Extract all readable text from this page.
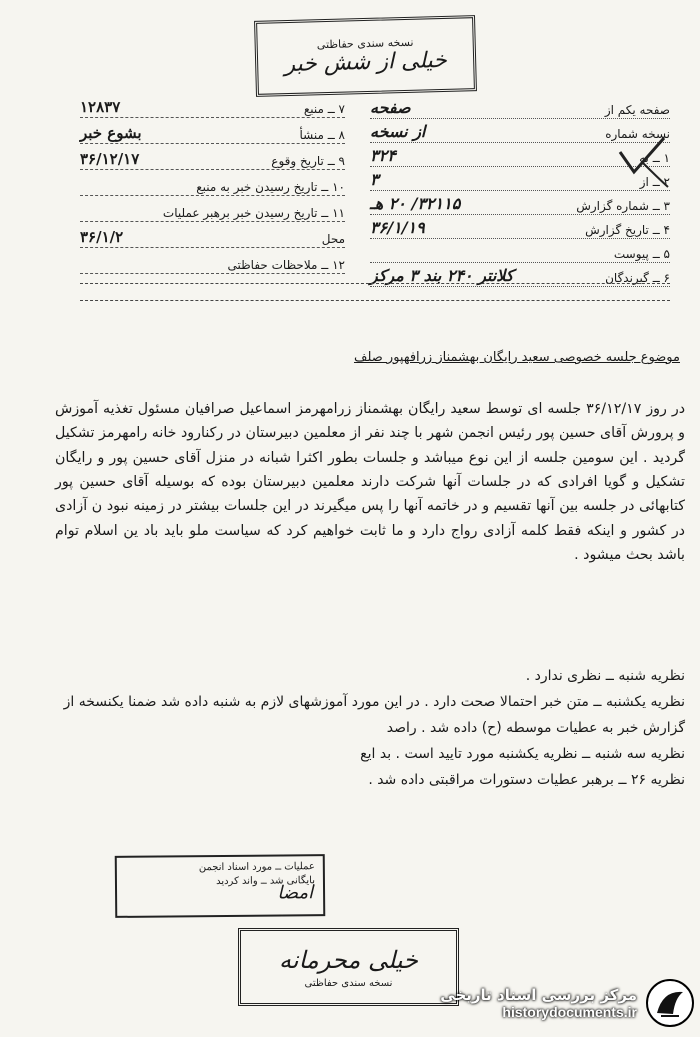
نسخه سندی حفاظتی
خیلی از شش خبر
۷ ــ منبع
۱۲۸۳۷
۸ ــ منشأ
بشوع خبر
۹ ــ تاریخ وقوع
۳۶/۱۲/۱۷
۱۰ ــ تاریخ رسیدن خبر به منبع
۱۱ ــ تاریخ رسیدن خبر برهبر عملیات
محل
۳۶/۱/۲
۱۲ ــ ملاحظات حفاظتی
صفحه یکم از
صفحه
نسخه شماره
از نسخه
۱ ــ به
۳۲۴
۲ ــ از
۳
۳ ــ شماره گزارش
۳۲۱۱۵/ ۲۰ هـ
۴ ــ تاریخ گزارش
۳۶/۱/۱۹
۵ ــ پیوست
۶ ــ گیرندگان
کلانتر ۲۴۰ بند ۳ مرکز
موضوع جلسه خصوصی سعید رایگان بهشمناز زرافهپور صلف

در روز ۳۶/۱۲/۱۷ جلسه ای توسط سعید رایگان بهشمناز زرامهرمز اسماعیل صرافیان مسئول تغذیه آموزش و پرورش آقای حسین پور رئیس انجمن شهر با چند نفر از معلمین دبیرستان در رکنارود خانه رامهرمز تشکیل گردید . این سومین جلسه از این نوع میباشد و جلسات بطور اکثرا شبانه در منزل آقای حسین پور و رایگان تشکیل و گویا افرادی که در جلسات آنها شرکت دارند معلمین دبیرستان بوده که بوسیله آقای حسین پور کتابهائی در جلسه بین آنها تقسیم و در خاتمه آنها را پس میگیرند در این جلسات بیشتر در زمینه نبود ن آزادی در کشور و اینکه فقط کلمه آزادی رواج دارد و ما ثابت خواهیم کرد که سیاست ملو باید باد ین اسلام توام باشد بحث میشود .

نظریه شنبه ــ نظری ندارد .

نظریه یکشنبه ــ متن خبر احتمالا صحت دارد . در این مورد آموزشهای لازم به شنبه داده شد ضمنا یکنسخه از گزارش خبر به عطیات موسطه (ح) داده شد . راصد

نظریه سه شنبه ــ نظریه یکشنبه مورد تایید است . بد ایع

نظریه ۲۶ ــ برهبر عطیات دستورات مراقبتی داده شد .

عملیات ــ مورد اسناد انجمن
بایگانی شد ــ واند کردید
امضا
خیلی محرمانه
نسخه سندی حفاظتی
مرکز بررسی اسناد تاریخی
historydocuments.ir
